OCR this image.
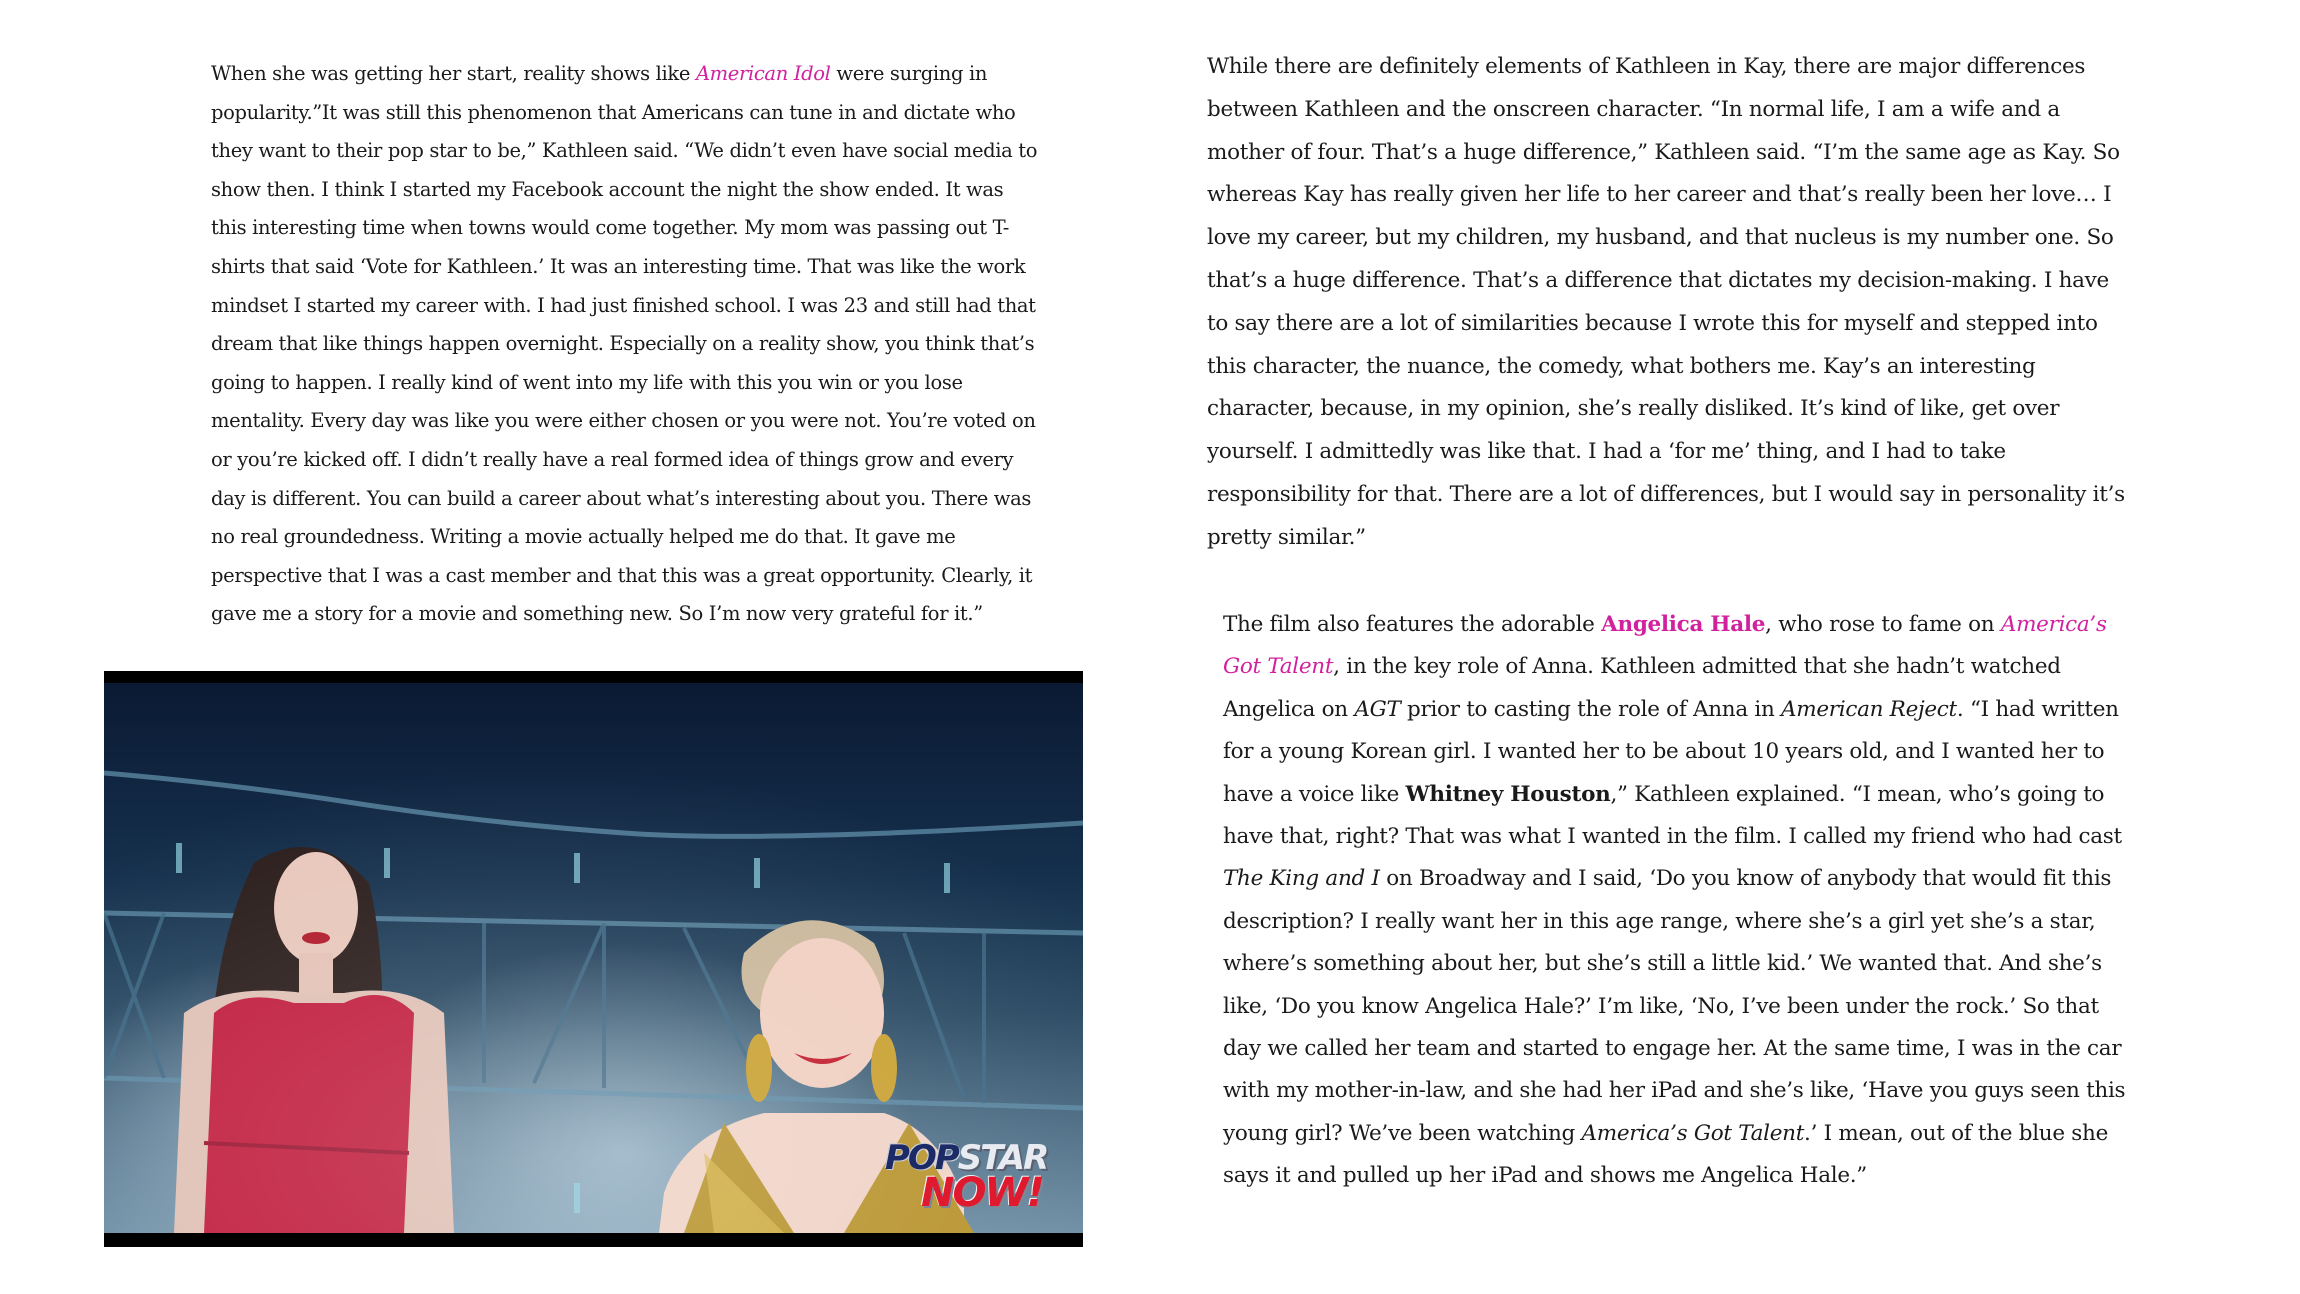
When she was getting her start, reality shows like American Idol were surging in popularity.”It was still this phenomenon that Americans can tune in and dictate who they want to their pop star to be,” Kathleen said. “We didn’t even have social media to show then. I think I started my Facebook account the night the show ended. It was this interesting time when towns would come together. My mom was passing out T-shirts that said ‘Vote for Kathleen.’ It was an interesting time. That was like the work mindset I started my career with. I had just finished school. I was 23 and still had that dream that like things happen overnight. Especially on a reality show, you think that’s going to happen. I really kind of went into my life with this you win or you lose mentality. Every day was like you were either chosen or you were not. You’re voted on or you’re kicked off. I didn’t really have a real formed idea of things grow and every day is different. You can build a career about what’s interesting about you. There was no real groundedness. Writing a movie actually helped me do that. It gave me perspective that I was a cast member and that this was a great opportunity. Clearly, it gave me a story for a movie and something new. So I’m now very grateful for it.”

POPSTAR
NOW!

While there are definitely elements of Kathleen in Kay, there are major differences between Kathleen and the onscreen character. “In normal life, I am a wife and a mother of four. That’s a huge difference,” Kathleen said. “I’m the same age as Kay. So whereas Kay has really given her life to her career and that’s really been her love… I love my career, but my children, my husband, and that nucleus is my number one. So that’s a huge difference. That’s a difference that dictates my decision-making. I have to say there are a lot of similarities because I wrote this for myself and stepped into this character, the nuance, the comedy, what bothers me. Kay’s an interesting character, because, in my opinion, she’s really disliked. It’s kind of like, get over yourself. I admittedly was like that. I had a ‘for me’ thing, and I had to take responsibility for that. There are a lot of differences, but I would say in personality it’s pretty similar.”

The film also features the adorable Angelica Hale, who rose to fame on America’s Got Talent, in the key role of Anna. Kathleen admitted that she hadn’t watched Angelica on AGT prior to casting the role of Anna in American Reject. “I had written for a young Korean girl. I wanted her to be about 10 years old, and I wanted her to have a voice like Whitney Houston,” Kathleen explained. “I mean, who’s going to have that, right? That was what I wanted in the film. I called my friend who had cast The King and I on Broadway and I said, ‘Do you know of anybody that would fit this description? I really want her in this age range, where she’s a girl yet she’s a star, where’s something about her, but she’s still a little kid.’ We wanted that. And she’s like, ‘Do you know Angelica Hale?’ I’m like, ‘No, I’ve been under the rock.’ So that day we called her team and started to engage her. At the same time, I was in the car with my mother-in-law, and she had her iPad and she’s like, ‘Have you guys seen this young girl? We’ve been watching America’s Got Talent.’ I mean, out of the blue she says it and pulled up her iPad and shows me Angelica Hale.”
